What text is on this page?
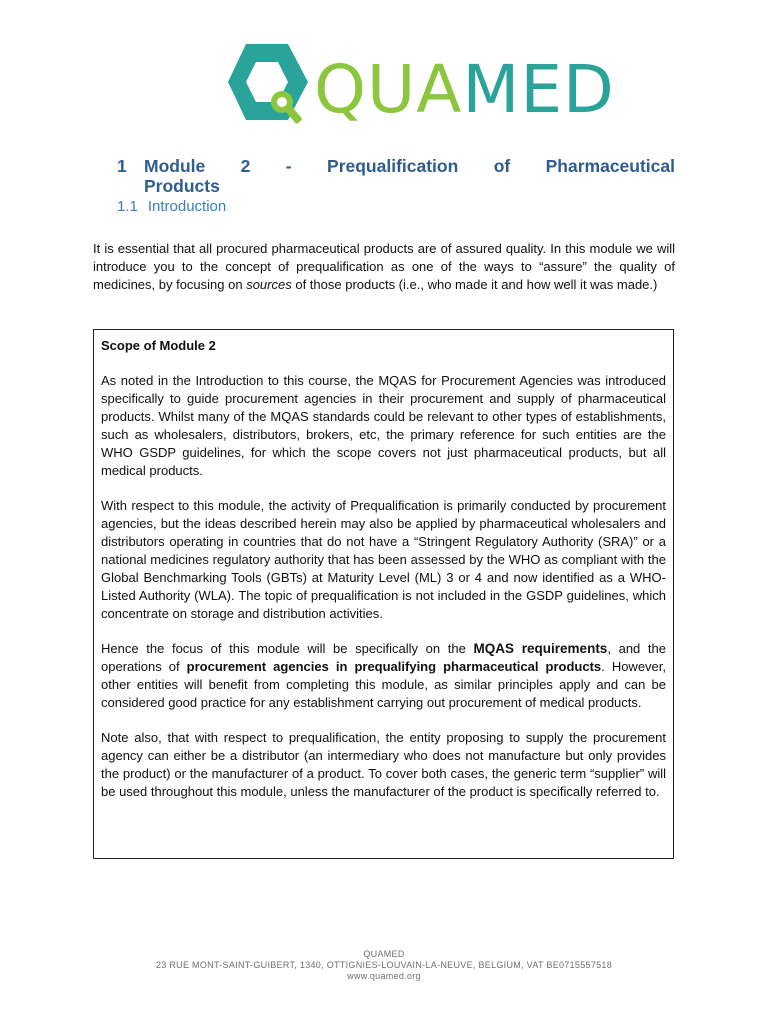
QUAMED
1 Module 2 - Prequalification of Pharmaceutical
Products
1.1 Introduction
It is essential that all procured pharmaceutical products are of assured quality. In this module we will introduce you to the concept of prequalification as one of the ways to “assure” the quality of medicines, by focusing on sources of those products (i.e., who made it and how well it was made.)
Scope of Module 2

As noted in the Introduction to this course, the MQAS for Procurement Agencies was introduced specifically to guide procurement agencies in their procurement and supply of pharmaceutical products. Whilst many of the MQAS standards could be relevant to other types of establishments, such as wholesalers, distributors, brokers, etc, the primary reference for such entities are the WHO GSDP guidelines, for which the scope covers not just pharmaceutical products, but all medical products.

With respect to this module, the activity of Prequalification is primarily conducted by procurement agencies, but the ideas described herein may also be applied by pharmaceutical wholesalers and distributors operating in countries that do not have a “Stringent Regulatory Authority (SRA)” or a national medicines regulatory authority that has been assessed by the WHO as compliant with the Global Benchmarking Tools (GBTs) at Maturity Level (ML) 3 or 4 and now identified as a WHO-Listed Authority (WLA). The topic of prequalification is not included in the GSDP guidelines, which concentrate on storage and distribution activities.

Hence the focus of this module will be specifically on the MQAS requirements, and the operations of procurement agencies in prequalifying pharmaceutical products. However, other entities will benefit from completing this module, as similar principles apply and can be considered good practice for any establishment carrying out procurement of medical products.

Note also, that with respect to prequalification, the entity proposing to supply the procurement agency can either be a distributor (an intermediary who does not manufacture but only provides the product) or the manufacturer of a product. To cover both cases, the generic term “supplier” will be used throughout this module, unless the manufacturer of the product is specifically referred to.

QUAMED
23 RUE MONT-SAINT-GUIBERT, 1340, OTTIGNIES-LOUVAIN-LA-NEUVE, BELGIUM, VAT BE0715557518
www.quamed.org
